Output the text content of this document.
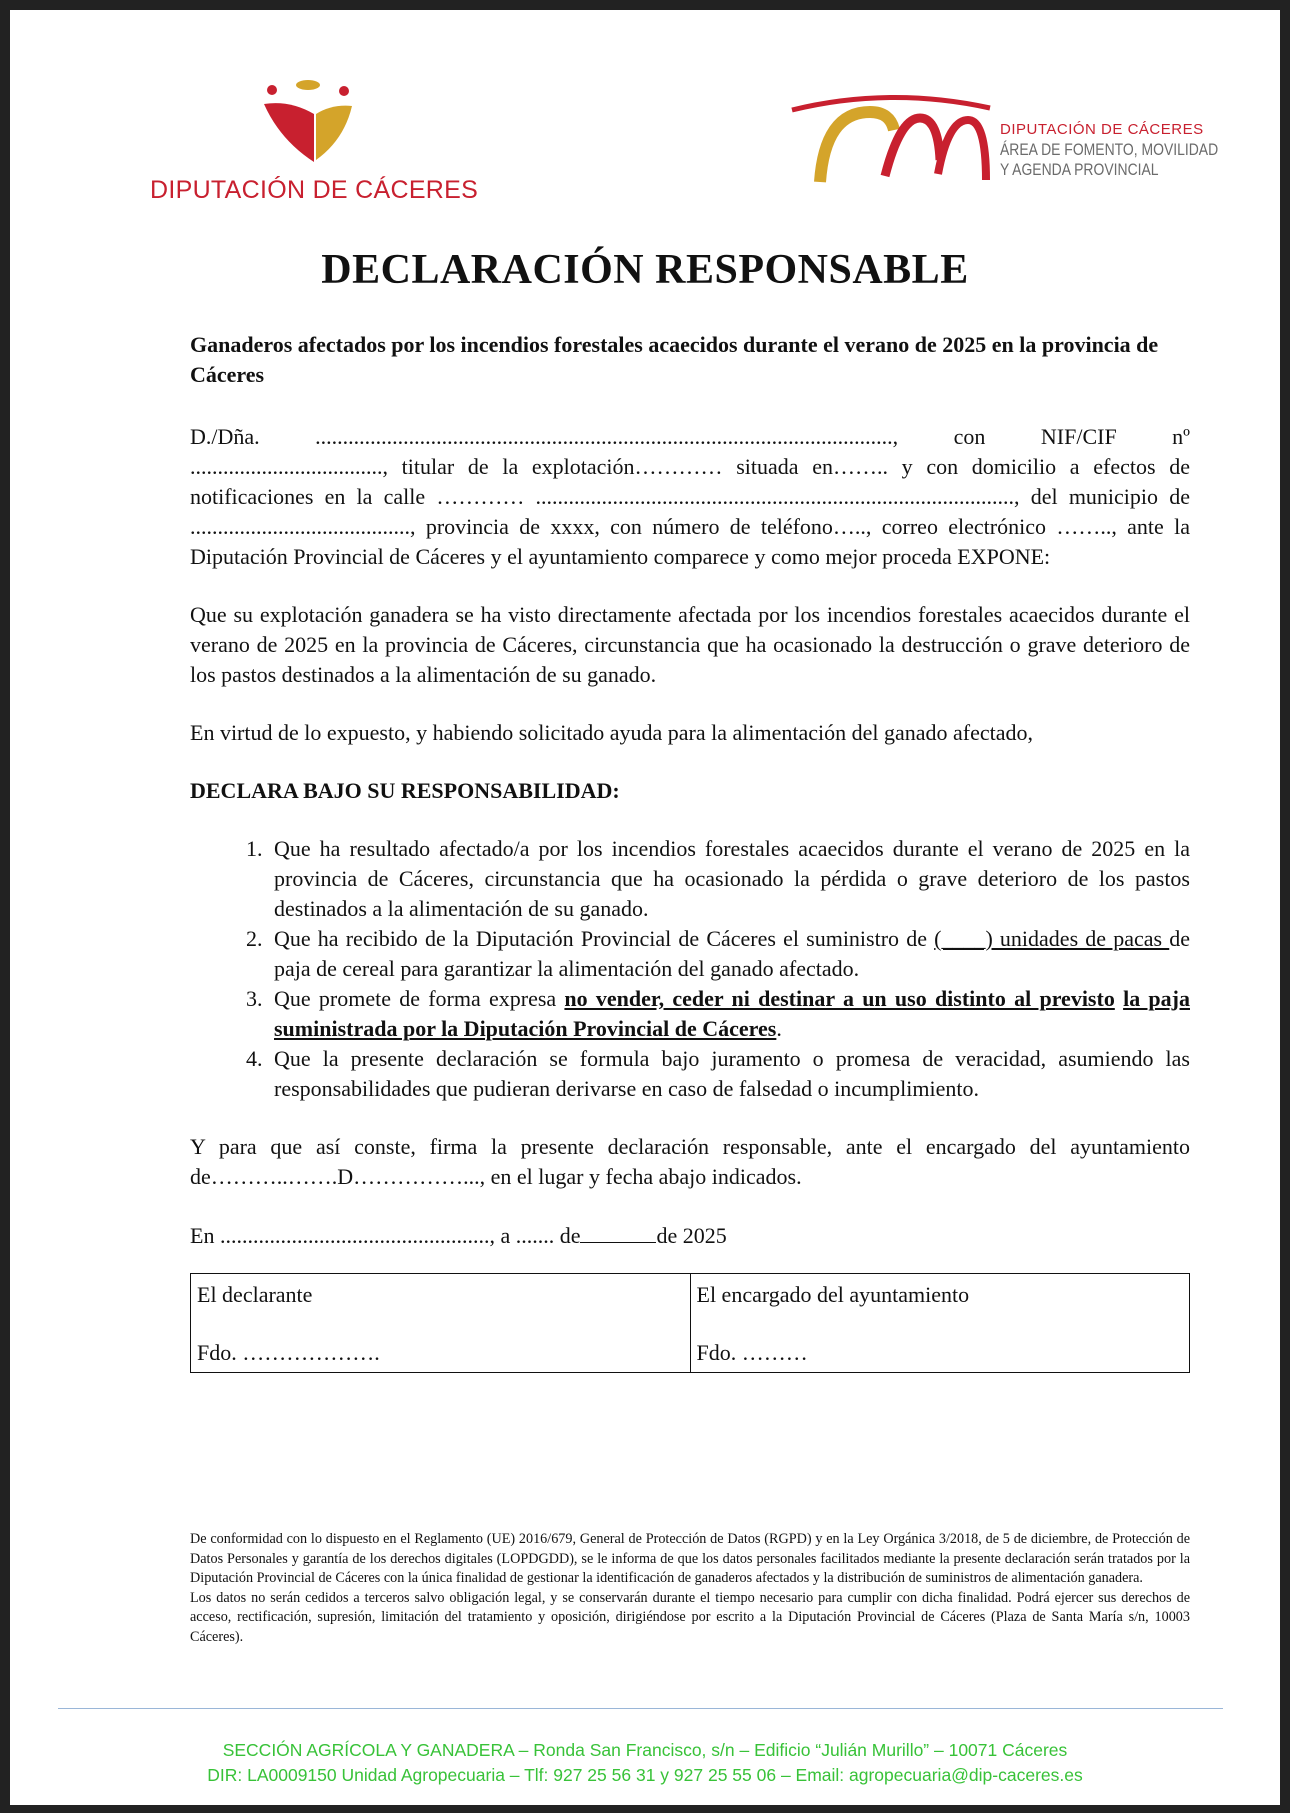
DIPUTACIÓN DE CÁCERES
DIPUTACIÓN DE CÁCERES
ÁREA DE FOMENTO, MOVILIDAD
Y AGENDA PROVINCIAL
DECLARACIÓN RESPONSABLE

Ganaderos afectados por los incendios forestales acaecidos durante el verano de 2025 en la provincia de Cáceres

D./Dña. ........................................................................................................., con NIF/CIF nº ..................................., titular de la explotación………… situada en…….. y con domicilio a efectos de notificaciones en la calle ………… ......................................................................................., del municipio de ........................................, provincia de xxxx, con número de teléfono….., correo electrónico …….., ante la Diputación Provincial de Cáceres y el ayuntamiento comparece y como mejor proceda EXPONE:

Que su explotación ganadera se ha visto directamente afectada por los incendios forestales acaecidos durante el verano de 2025 en la provincia de Cáceres, circunstancia que ha ocasionado la destrucción o grave deterioro de los pastos destinados a la alimentación de su ganado.

En virtud de lo expuesto, y habiendo solicitado ayuda para la alimentación del ganado afectado,

DECLARA BAJO SU RESPONSABILIDAD:

1. Que ha resultado afectado/a por los incendios forestales acaecidos durante el verano de 2025 en la provincia de Cáceres, circunstancia que ha ocasionado la pérdida o grave deterioro de los pastos destinados a la alimentación de su ganado.
2. Que ha recibido de la Diputación Provincial de Cáceres el suministro de (____) unidades de pacas de paja de cereal para garantizar la alimentación del ganado afectado.
3. Que promete de forma expresa no vender, ceder ni destinar a un uso distinto al previsto la paja suministrada por la Diputación Provincial de Cáceres.
4. Que la presente declaración se formula bajo juramento o promesa de veracidad, asumiendo las responsabilidades que pudieran derivarse en caso de falsedad o incumplimiento.

Y para que así conste, firma la presente declaración responsable, ante el encargado del ayuntamiento de………..…….D……………..., en el lugar y fecha abajo indicados.

En ................................................., a ....... de	de 2025

El declarante
Fdo. ……………….

El encargado del ayuntamiento
Fdo. ………

De conformidad con lo dispuesto en el Reglamento (UE) 2016/679, General de Protección de Datos (RGPD) y en la Ley Orgánica 3/2018, de 5 de diciembre, de Protección de Datos Personales y garantía de los derechos digitales (LOPDGDD), se le informa de que los datos personales facilitados mediante la presente declaración serán tratados por la Diputación Provincial de Cáceres con la única finalidad de gestionar la identificación de ganaderos afectados y la distribución de suministros de alimentación ganadera.

Los datos no serán cedidos a terceros salvo obligación legal, y se conservarán durante el tiempo necesario para cumplir con dicha finalidad. Podrá ejercer sus derechos de acceso, rectificación, supresión, limitación del tratamiento y oposición, dirigiéndose por escrito a la Diputación Provincial de Cáceres (Plaza de Santa María s/n, 10003 Cáceres).

SECCIÓN AGRÍCOLA Y GANADERA – Ronda San Francisco, s/n – Edificio “Julián Murillo” – 10071 Cáceres
DIR: LA0009150 Unidad Agropecuaria – Tlf: 927 25 56 31 y 927 25 55 06 – Email: agropecuaria@dip-caceres.es
